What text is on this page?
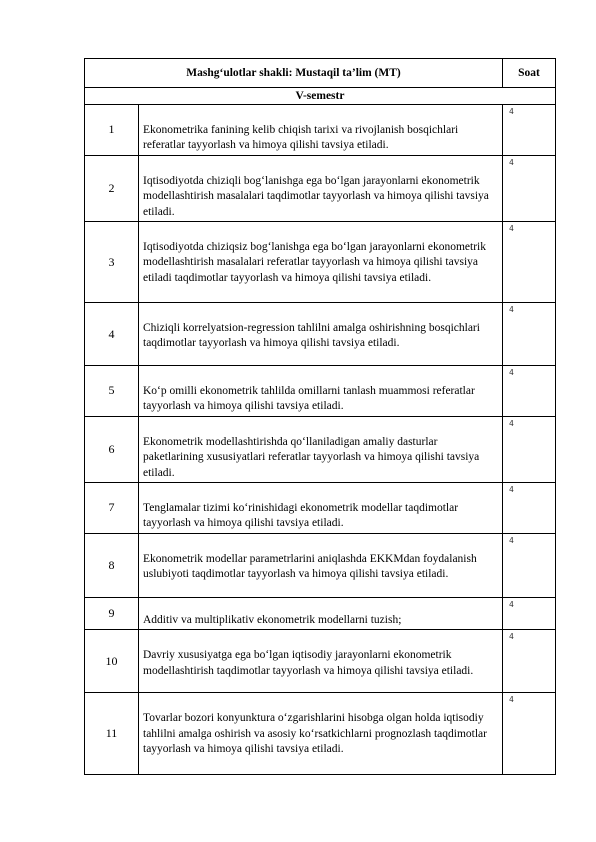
Mashg‘ulotlar shakli: Mustaqil ta’lim (MT)		Soat
V-semestr		
1	Ekonometrika fanining kelib chiqish tarixi va rivojlanish bosqichlari referatlar tayyorlash va himoya qilishi tavsiya etiladi.	4
2	Iqtisodiyotda chiziqli bog‘lanishga ega bo‘lgan jarayonlarni ekonometrik modellashtirish masalalari taqdimotlar tayyorlash va himoya qilishi tavsiya etiladi.	4
3	Iqtisodiyotda chiziqsiz bog‘lanishga ega bo‘lgan jarayonlarni ekonometrik modellashtirish masalalari referatlar tayyorlash va himoya qilishi tavsiya etiladi taqdimotlar tayyorlash va himoya qilishi tavsiya etiladi.	4
4	Chiziqli korrelyatsion-regression tahlilni amalga oshirishning bosqichlari taqdimotlar tayyorlash va himoya qilishi tavsiya etiladi.	4
5	Ko‘p omilli ekonometrik tahlilda omillarni tanlash muammosi referatlar tayyorlash va himoya qilishi tavsiya etiladi.	4
6	Ekonometrik modellashtirishda qo‘llaniladigan amaliy dasturlar paketlarining xususiyatlari referatlar tayyorlash va himoya qilishi tavsiya etiladi.	4
7	Tenglamalar tizimi ko‘rinishidagi ekonometrik modellar taqdimotlar tayyorlash va himoya qilishi tavsiya etiladi.	4
8	Ekonometrik modellar parametrlarini aniqlashda EKKMdan foydalanish uslubiyoti taqdimotlar tayyorlash va himoya qilishi tavsiya etiladi.	4
9	Additiv va multiplikativ ekonometrik modellarni tuzish;	4
10	Davriy xususiyatga ega bo‘lgan iqtisodiy jarayonlarni ekonometrik modellashtirish taqdimotlar tayyorlash va himoya qilishi tavsiya etiladi.	4
11	Tovarlar bozori konyunktura o‘zgarishlarini hisobga olgan holda iqtisodiy tahlilni amalga oshirish va asosiy ko‘rsatkichlarni prognozlash taqdimotlar tayyorlash va himoya qilishi tavsiya etiladi.	4
